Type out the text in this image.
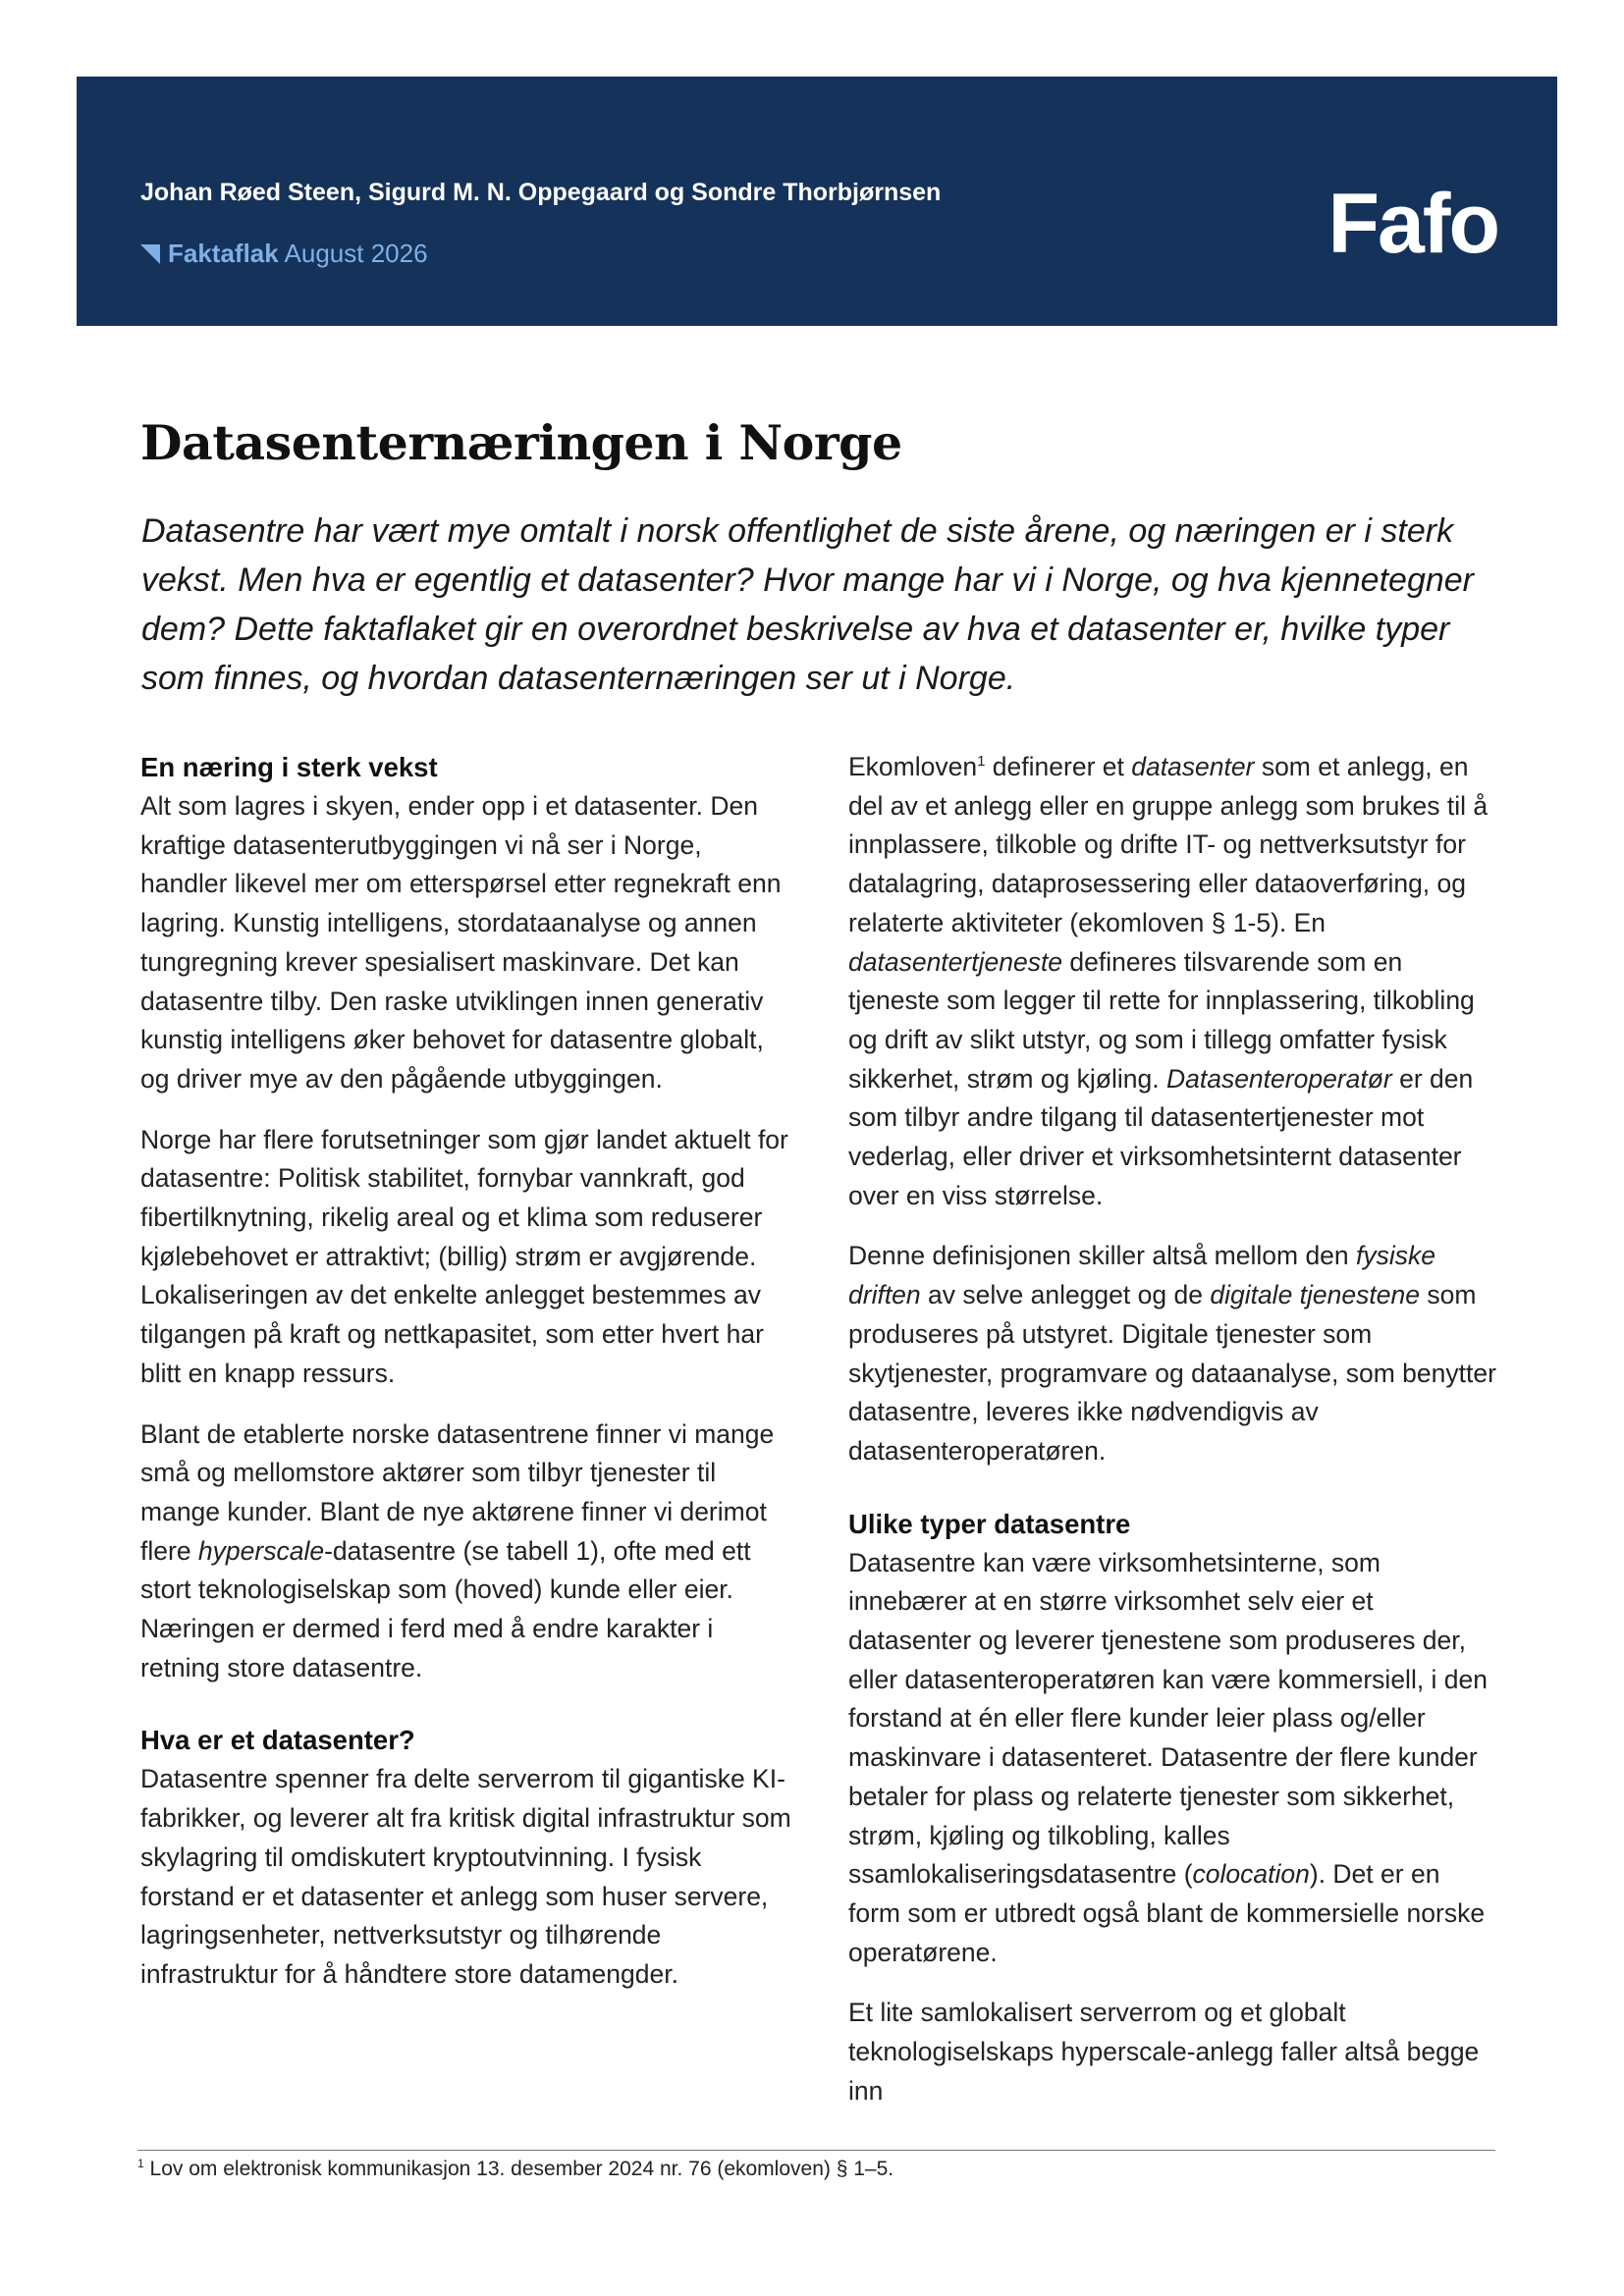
Johan Røed Steen, Sigurd M. N. Oppegaard og Sondre Thorbjørnsen

Faktaflak August 2026	Fafo
Datasenternæringen i Norge

Datasentre har vært mye omtalt i norsk offentlighet de siste årene, og næringen er i sterk vekst. Men hva er egentlig et datasenter? Hvor mange har vi i Norge, og hva kjennetegner dem? Dette faktaflaket gir en overordnet beskrivelse av hva et datasenter er, hvilke typer som finnes, og hvordan datasenternæringen ser ut i Norge.

En næring i sterk vekst

Alt som lagres i skyen, ender opp i et datasenter. Den kraftige datasenterutbyggingen vi nå ser i Norge, handler likevel mer om etterspørsel etter regnekraft enn lagring. Kunstig intelligens, stordataanalyse og annen tungregning krever spesialisert maskinvare. Det kan datasentre tilby. Den raske utviklingen innen generativ kunstig intelligens øker behovet for datasentre globalt, og driver mye av den pågående utbyggingen.

Norge har flere forutsetninger som gjør landet aktuelt for datasentre: Politisk stabilitet, fornybar vannkraft, god fibertilknytning, rikelig areal og et klima som reduserer kjølebehovet er attraktivt; (billig) strøm er avgjørende. Lokaliseringen av det enkelte anlegget bestemmes av tilgangen på kraft og nettkapasitet, som etter hvert har blitt en knapp ressurs.

Blant de etablerte norske datasentrene finner vi mange små og mellomstore aktører som tilbyr tjenester til mange kunder. Blant de nye aktørene finner vi derimot flere hyperscale-datasentre (se tabell 1), ofte med ett stort teknologiselskap som (hoved) kunde eller eier. Næringen er dermed i ferd med å endre karakter i retning store datasentre.

Hva er et datasenter?

Datasentre spenner fra delte serverrom til gigantiske KI-fabrikker, og leverer alt fra kritisk digital infrastruktur som skylagring til omdiskutert kryptoutvinning. I fysisk forstand er et datasenter et anlegg som huser servere, lagringsenheter, nettverksutstyr og tilhørende infrastruktur for å håndtere store datamengder.

Ekomloven$^1$ definerer et datasenter som et anlegg, en del av et anlegg eller en gruppe anlegg som brukes til å innplassere, tilkoble og drifte IT- og nettverksutstyr for datalagring, dataprosessering eller dataoverføring, og relaterte aktiviteter (ekomloven § 1-5). En datasentertjeneste defineres tilsvarende som en tjeneste som legger til rette for innplassering, tilkobling og drift av slikt utstyr, og som i tillegg omfatter fysisk sikkerhet, strøm og kjøling. Datasenteroperatør er den som tilbyr andre tilgang til datasentertjenester mot vederlag, eller driver et virksomhetsinternt datasenter over en viss størrelse.

Denne definisjonen skiller altså mellom den fysiske driften av selve anlegget og de digitale tjenestene som produseres på utstyret. Digitale tjenester som skytjenester, programvare og dataanalyse, som benytter datasentre, leveres ikke nødvendigvis av datasenteroperatøren.

Ulike typer datasentre

Datasentre kan være virksomhetsinterne, som innebærer at en større virksomhet selv eier et datasenter og leverer tjenestene som produseres der, eller datasenteroperatøren kan være kommersiell, i den forstand at én eller flere kunder leier plass og/eller maskinvare i datasenteret. Datasentre der flere kunder betaler for plass og relaterte tjenester som sikkerhet, strøm, kjøling og tilkobling, kalles ssamlokaliseringsdatasentre (colocation). Det er en form som er utbredt også blant de kommersielle norske operatørene.

Et lite samlokalisert serverrom og et globalt teknologiselskaps hyperscale-anlegg faller altså begge inn

$^1$ Lov om elektronisk kommunikasjon 13. desember 2024 nr. 76 (ekomloven) § 1–5.
